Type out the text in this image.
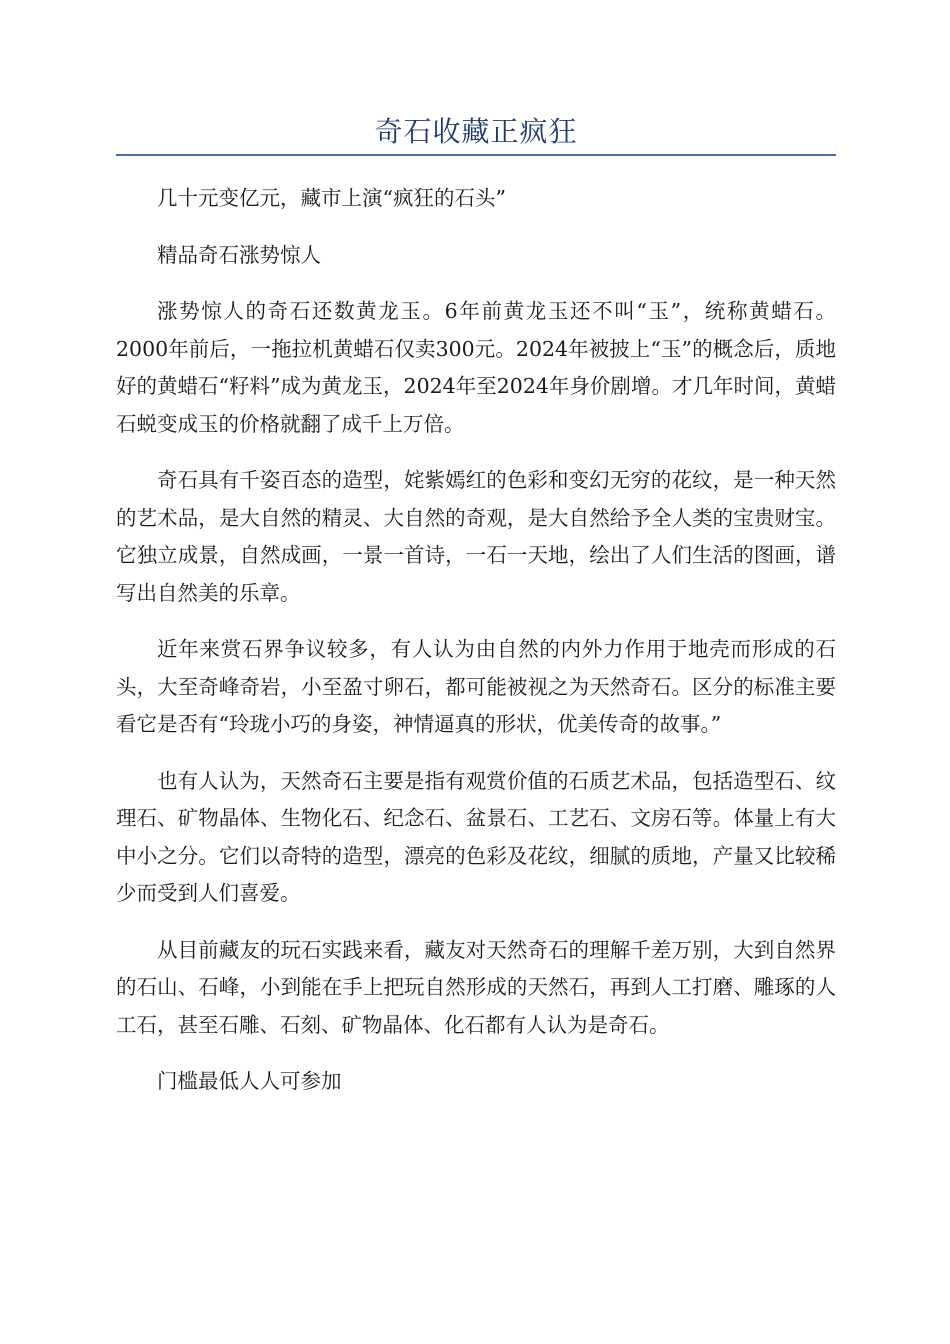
奇石收藏正疯狂

几十元变亿元，藏市上演“疯狂的石头”

精品奇石涨势惊人

涨势惊人的奇石还数黄龙玉。6年前黄龙玉还不叫“玉”，统称黄蜡石。2000年前后，一拖拉机黄蜡石仅卖300元。2024年被披上“玉”的概念后，质地好的黄蜡石“籽料”成为黄龙玉，2024年至2024年身价剧增。才几年时间，黄蜡石蜕变成玉的价格就翻了成千上万倍。

奇石具有千姿百态的造型，姹紫嫣红的色彩和变幻无穷的花纹，是一种天然的艺术品，是大自然的精灵、大自然的奇观，是大自然给予全人类的宝贵财宝。它独立成景，自然成画，一景一首诗，一石一天地，绘出了人们生活的图画，谱写出自然美的乐章。

近年来赏石界争议较多，有人认为由自然的内外力作用于地壳而形成的石头，大至奇峰奇岩，小至盈寸卵石，都可能被视之为天然奇石。区分的标准主要看它是否有“玲珑小巧的身姿，神情逼真的形状，优美传奇的故事。”

也有人认为，天然奇石主要是指有观赏价值的石质艺术品，包括造型石、纹理石、矿物晶体、生物化石、纪念石、盆景石、工艺石、文房石等。体量上有大中小之分。它们以奇特的造型，漂亮的色彩及花纹，细腻的质地，产量又比较稀少而受到人们喜爱。

从目前藏友的玩石实践来看，藏友对天然奇石的理解千差万别，大到自然界的石山、石峰，小到能在手上把玩自然形成的天然石，再到人工打磨、雕琢的人工石，甚至石雕、石刻、矿物晶体、化石都有人认为是奇石。

门槛最低人人可参加
